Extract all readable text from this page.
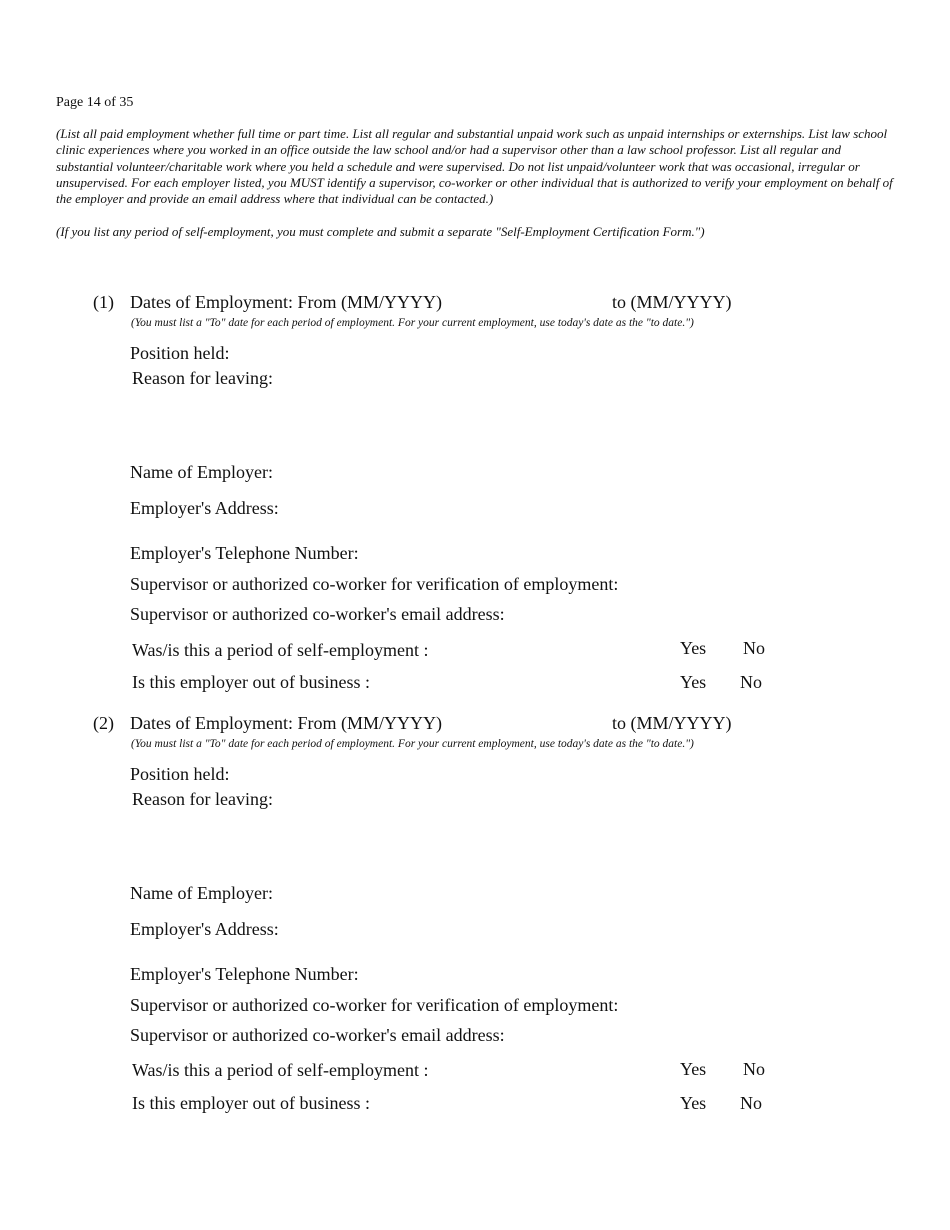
Page 14 of 35

(List all paid employment whether full time or part time. List all regular and substantial unpaid work such as unpaid internships or externships. List law school clinic experiences where you worked in an office outside the law school and/or had a supervisor other than a law school professor. List all regular and substantial volunteer/charitable work where you held a schedule and were supervised. Do not list unpaid/volunteer work that was occasional, irregular or unsupervised. For each employer listed, you MUST identify a supervisor, co-worker or other individual that is authorized to verify your employment on behalf of the employer and provide an email address where that individual can be contacted.)

(If you list any period of self-employment, you must complete and submit a separate "Self-Employment Certification Form.")

(1) Dates of Employment: From (MM/YYYY)	to (MM/YYYY)
(You must list a "To" date for each period of employment. For your current employment, use today's date as the "to date.")
Position held:
Reason for leaving:
Name of Employer:
Employer's Address:
Employer's Telephone Number:
Supervisor or authorized co-worker for verification of employment:
Supervisor or authorized co-worker's email address:
Was/is this a period of self-employment :	Yes No
Is this employer out of business :	Yes No
(2) Dates of Employment: From (MM/YYYY)	to (MM/YYYY)
(You must list a "To" date for each period of employment. For your current employment, use today's date as the "to date.")
Position held:
Reason for leaving:
Name of Employer:
Employer's Address:
Employer's Telephone Number:
Supervisor or authorized co-worker for verification of employment:
Supervisor or authorized co-worker's email address:
Was/is this a period of self-employment :	Yes No
Is this employer out of business :	Yes No
